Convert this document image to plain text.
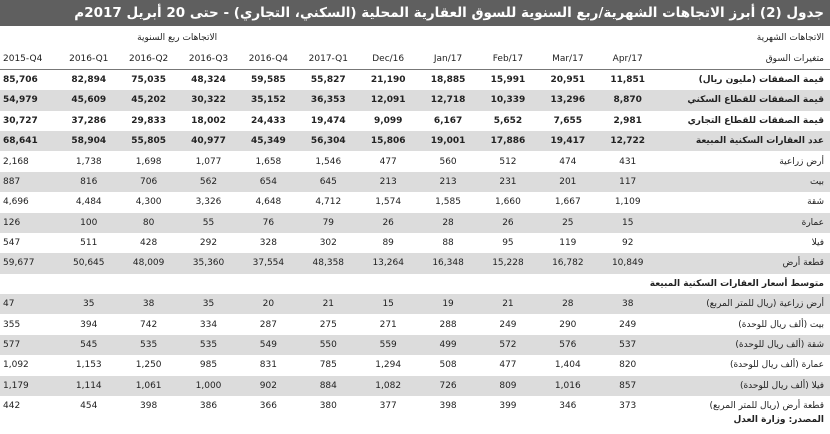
جدول (2) أبرز الاتجاهات الشهرية/ربع السنوية للسوق العقارية المحلية (السكني، التجاري) - حتى 20 أبريل 2017م
الاتجاهات ربع السنوية											الاتجاهات الشهرية
2015-Q4	2016-Q1	2016-Q2	2016-Q3	2016-Q4	2017-Q1	Dec/16	Jan/17	Feb/17	Mar/17	Apr/17	متغيرات السوق
85,706	82,894	75,035	48,324	59,585	55,827	21,190	18,885	15,991	20,951	11,851	قيمة الصفقات (مليون ريال)
54,979	45,609	45,202	30,322	35,152	36,353	12,091	12,718	10,339	13,296	8,870	قيمة الصفقات للقطاع السكني
30,727	37,286	29,833	18,002	24,433	19,474	9,099	6,167	5,652	7,655	2,981	قيمة الصفقات للقطاع التجاري
68,641	58,904	55,805	40,977	45,349	56,304	15,806	19,001	17,886	19,417	12,722	عدد العقارات السكنية المبيعة
2,168	1,738	1,698	1,077	1,658	1,546	477	560	512	474	431	أرض زراعية
887	816	706	562	654	645	213	213	231	201	117	بيت
4,696	4,484	4,300	3,326	4,648	4,712	1,574	1,585	1,660	1,667	1,109	شقة
126	100	80	55	76	79	26	28	26	25	15	عمارة
547	511	428	292	328	302	89	88	95	119	92	فيلا
59,677	50,645	48,009	35,360	37,554	48,358	13,264	16,348	15,228	16,782	10,849	قطعة أرض
										متوسط أسعار العقارات السكنية المبيعة	
47	35	38	35	20	21	15	19	21	28	38	أرض زراعية (ريال للمتر المربع)
355	394	742	334	287	275	271	288	249	290	249	بيت (ألف ريال للوحدة)
577	545	535	535	549	550	559	499	572	576	537	شقة (ألف ريال للوحدة)
1,092	1,153	1,250	985	831	785	1,294	508	477	1,404	820	عمارة (ألف ريال للوحدة)
1,179	1,114	1,061	1,000	902	884	1,082	726	809	1,016	857	فيلا (ألف ريال للوحدة)
442	454	398	386	366	380	377	398	399	346	373	قطعة أرض (ريال للمتر المربع)
المصدر: وزارة العدل
